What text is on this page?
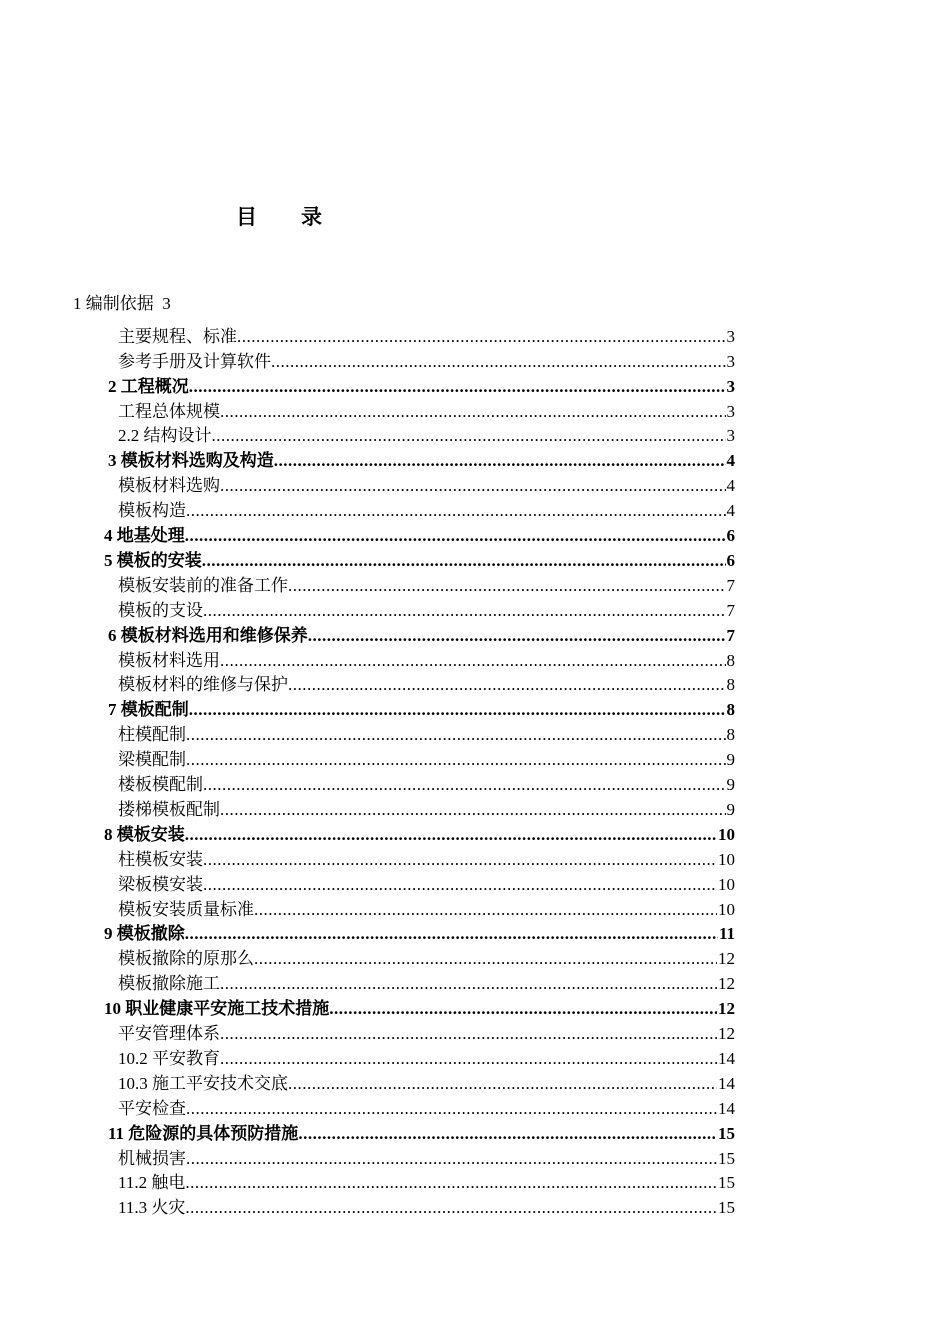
目 录
1 编制依据  3
主要规程、标准 .....	3
参考手册及计算软件 .....	3
2 工程概况 .....	3
工程总体规模 .....	3
2.2 结构设计 .....	3
3 模板材料选购及构造 .....	4
模板材料选购 .....	4
模板构造 .....	4
4 地基处理 .....	6
5 模板的安装 .....	6
模板安装前的准备工作 .....	7
模板的支设 .....	7
6 模板材料选用和维修保养 .....	7
模板材料选用 .....	8
模板材料的维修与保护 .....	8
7 模板配制 .....	8
柱模配制 .....	8
梁模配制 .....	9
楼板模配制 .....	9
搂梯模板配制 .....	9
8 模板安装 .....	10
柱模板安装 .....	10
梁板模安装 .....	10
模板安装质量标准 .....	10
9 模板撤除 .....	11
模板撤除的原那么 .....	12
模板撤除施工 .....	12
10 职业健康平安施工技术措施 .....	12
平安管理体系 .....	12
10.2 平安教育 .....	14
10.3 施工平安技术交底 .....	14
平安检查 .....	14
11 危险源的具体预防措施 .....	15
机械损害 .....	15
11.2 触电 .....	15
11.3 火灾 .....	15
